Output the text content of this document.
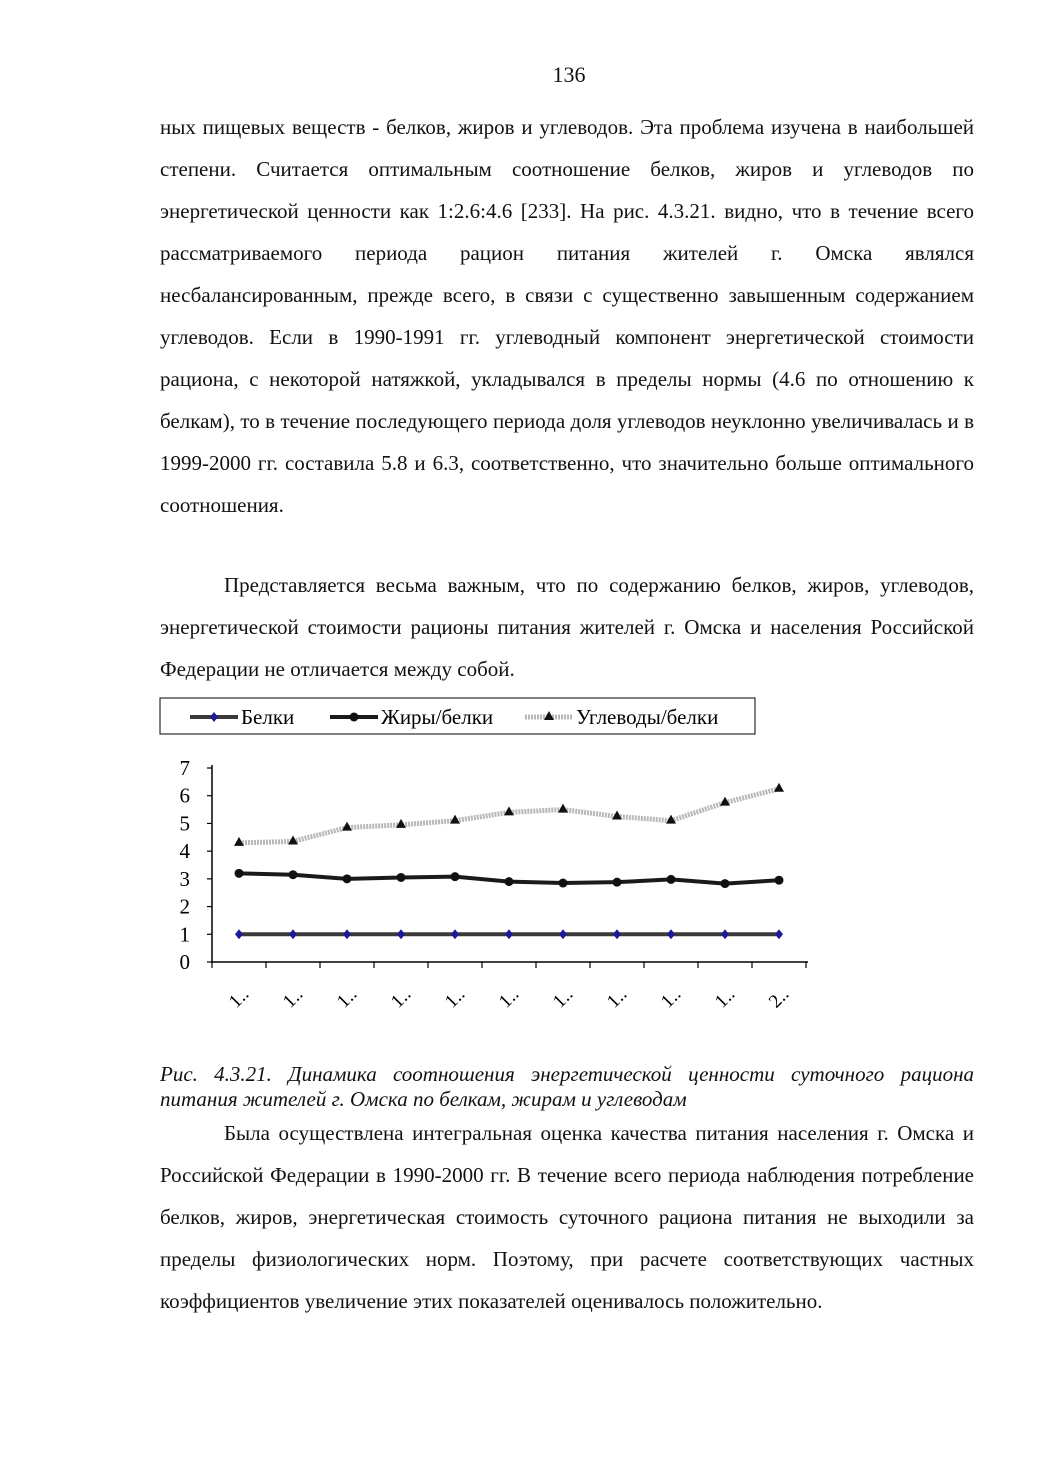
136

ных пищевых веществ - белков, жиров и углеводов. Эта проблема изучена в наибольшей степени. Считается оптимальным соотношение белков, жиров и углеводов по энергетической ценности как 1:2.6:4.6 [233]. На рис. 4.3.21. видно, что в течение всего рассматриваемого периода рацион питания жителей г. Омска являлся несбалансированным, прежде всего, в связи с существенно завышенным содержанием углеводов. Если в 1990-1991 гг. углеводный компонент энергетической стоимости рациона, с некоторой натяжкой, укладывался в пределы нормы (4.6 по отношению к белкам), то в течение последующего периода доля углеводов неуклонно увеличивалась и в 1999-2000 гг. составила 5.8 и 6.3, соответственно, что значительно больше оптимального соотношения.

Представляется весьма важным, что по содержанию белков, жиров, углеводов, энергетической стоимости рационы питания жителей г. Омска и населения Российской Федерации не отличается между собой.

Белки	Жиры/белки	Углеводы/белки
0
1
2
3
4
5
6
7
1.. 1.. 1.. 1.. 1.. 1.. 1.. 1.. 1.. 1.. 2..

Рис. 4.3.21. Динамика соотношения энергетической ценности суточного рациона питания жителей г. Омска по белкам, жирам и углеводам

Была осуществлена интегральная оценка качества питания населения г. Омска и Российской Федерации в 1990-2000 гг. В течение всего периода наблюдения потребление белков, жиров, энергетическая стоимость суточного рациона питания не выходили за пределы физиологических норм. Поэтому, при расчете соответствующих частных коэффициентов увеличение этих показателей оценивалось положительно.
